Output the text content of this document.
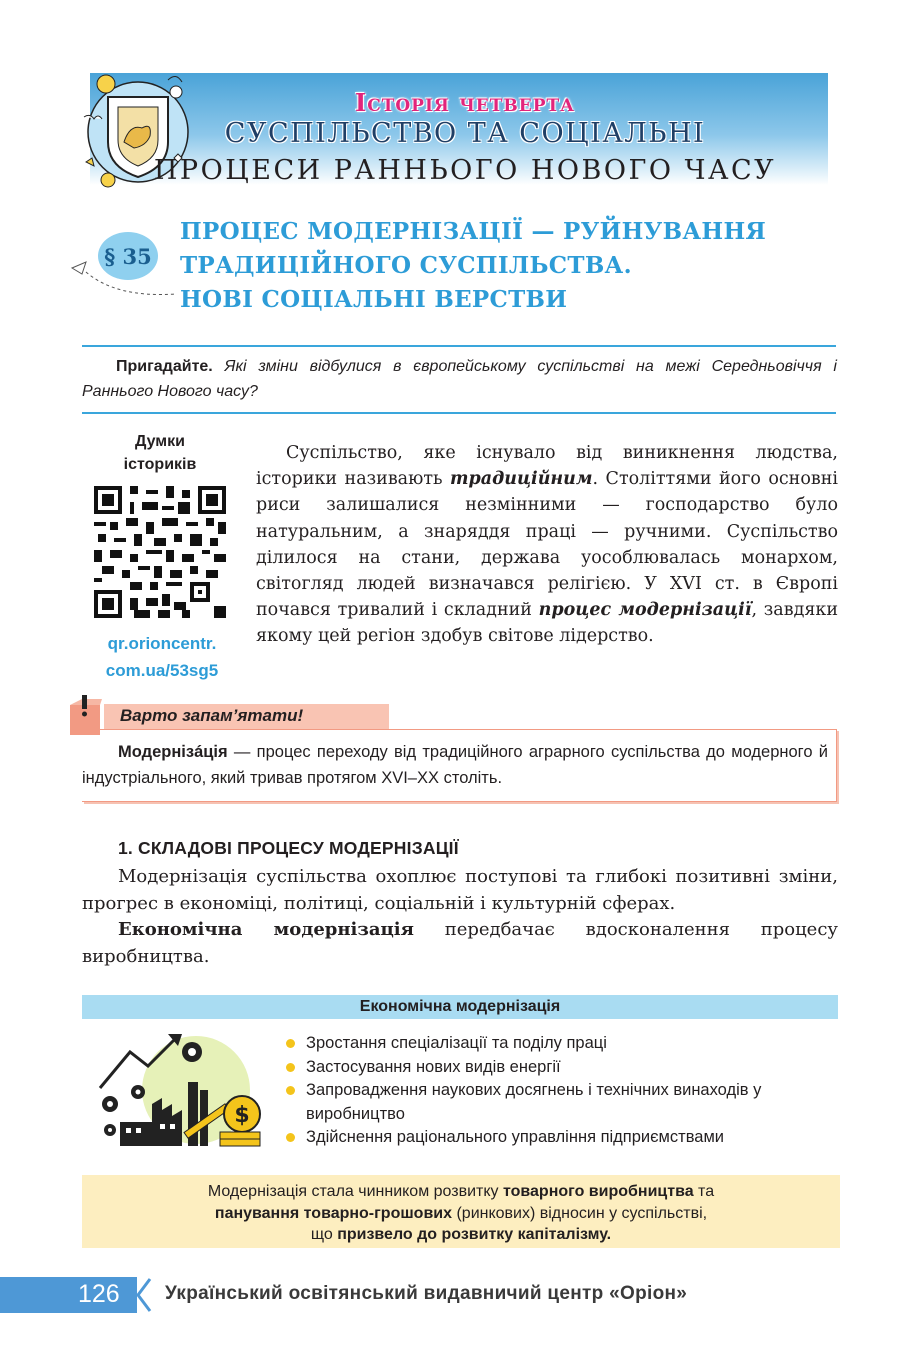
Історія четверта
СУСПІЛЬСТВО ТА СОЦІАЛЬНІ
ПРОЦЕСИ РАННЬОГО НОВОГО ЧАСУ
§ 35
ПРОЦЕС МОДЕРНІЗАЦІЇ — РУЙНУВАННЯ
ТРАДИЦІЙНОГО СУСПІЛЬСТВА.
НОВІ СОЦІАЛЬНІ ВЕРСТВИ
Пригадайте. Які зміни відбулися в європейському суспільстві на межі Середньовіччя і Раннього Нового часу?
Думки
істориків
qr.orioncentr.
com.ua/53sg5
Суспільство, яке існувало від виникнення людства, історики називають традиційним. Століттями його основні риси залишалися незмінними — господарство було натуральним, а знаряддя праці — ручними. Суспільство ділилося на стани, держава уособлювалась монархом, світогляд людей визначався релігією. У XVI ст. в Європі почався тривалий і складний процес модернізації, завдяки якому цей регіон здобув світове лідерство.
Варто запам’ятати!
Модернізáція — процес переходу від традиційного аграрного суспільства до модерного й індустріального, який тривав протягом XVI–XX століть.
1. СКЛАДОВІ ПРОЦЕСУ МОДЕРНІЗАЦІЇ
Модернізація суспільства охоплює поступові та глибокі позитивні зміни, прогрес в економіці, політиці, соціальній і культурній сферах.
Економічна модернізація передбачає вдосконалення процесу виробництва.
Економічна модернізація
$
Зростання спеціалізації та поділу праці
Застосування нових видів енергії
Запровадження наукових досягнень і технічних винаходів у виробництво
Здійснення раціонального управління підприємствами
Модернізація стала чинником розвитку товарного виробництва та
панування товарно-грошових (ринкових) відносин у суспільстві,
що призвело до розвитку капіталізму.
126 Український освітянський видавничий центр «Оріон»
